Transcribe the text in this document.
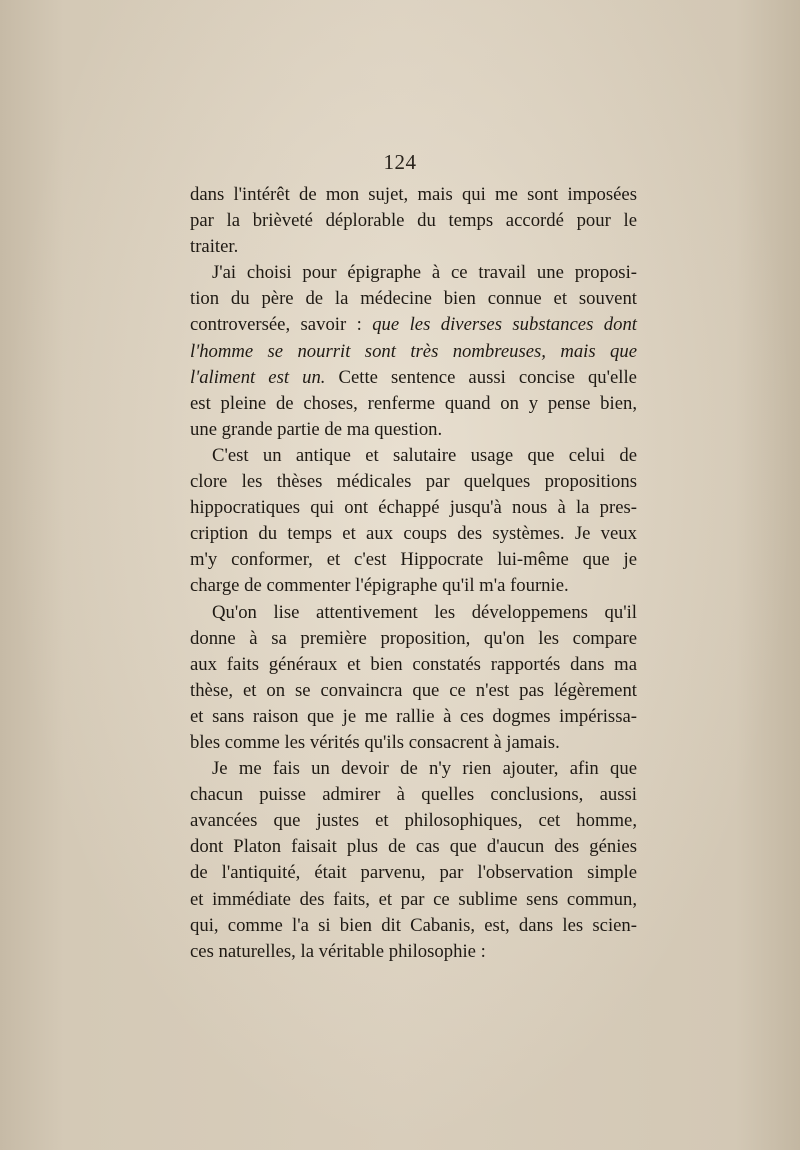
124
dans l'intérêt de mon sujet, mais qui me sont imposées
par la brièveté déplorable du temps accordé pour le
traiter.
J'ai choisi pour épigraphe à ce travail une proposi-
tion du père de la médecine bien connue et souvent
controversée, savoir : que les diverses substances dont
l'homme se nourrit sont très nombreuses, mais que
l'aliment est un. Cette sentence aussi concise qu'elle
est pleine de choses, renferme quand on y pense bien,
une grande partie de ma question.
C'est un antique et salutaire usage que celui de
clore les thèses médicales par quelques propositions
hippocratiques qui ont échappé jusqu'à nous à la pres-
cription du temps et aux coups des systèmes. Je veux
m'y conformer, et c'est Hippocrate lui-même que je
charge de commenter l'épigraphe qu'il m'a fournie.
Qu'on lise attentivement les développemens qu'il
donne à sa première proposition, qu'on les compare
aux faits généraux et bien constatés rapportés dans ma
thèse, et on se convaincra que ce n'est pas légèrement
et sans raison que je me rallie à ces dogmes impérissa-
bles comme les vérités qu'ils consacrent à jamais.
Je me fais un devoir de n'y rien ajouter, afin que
chacun puisse admirer à quelles conclusions, aussi
avancées que justes et philosophiques, cet homme,
dont Platon faisait plus de cas que d'aucun des génies
de l'antiquité, était parvenu, par l'observation simple
et immédiate des faits, et par ce sublime sens commun,
qui, comme l'a si bien dit Cabanis, est, dans les scien-
ces naturelles, la véritable philosophie :
